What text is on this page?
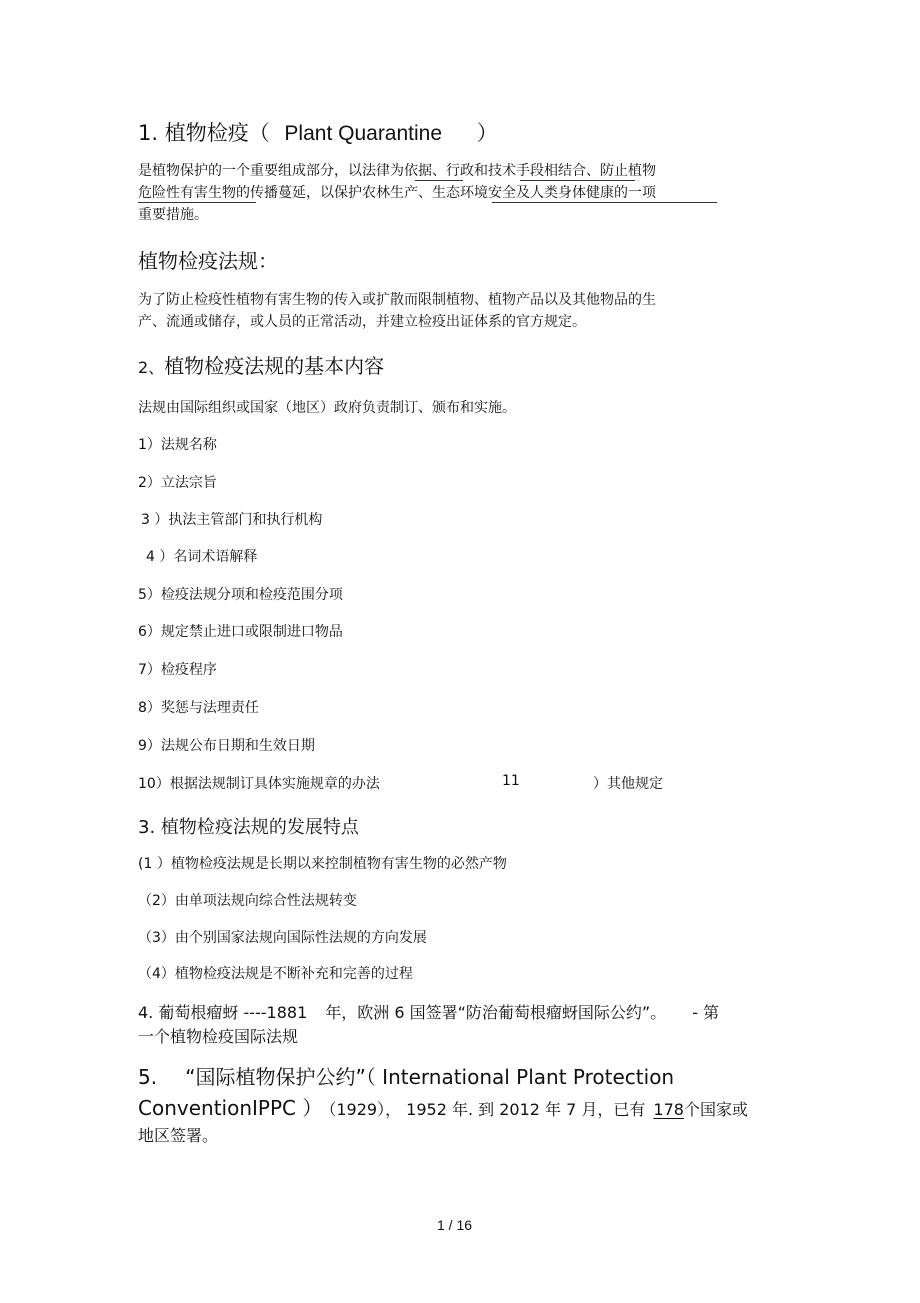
1. 植物检疫（ Plant Quarantine ）
是植物保护的一个重要组成部分，以法律为依据、行政和技术手段相结合、防止植物
危险性有害生物的传播蔓延，以保护农林生产、生态环境安全及人类身体健康的一项
重要措施。
植物检疫法规：
为了防止检疫性植物有害生物的传入或扩散而限制植物、植物产品以及其他物品的生
产、流通或储存，或人员的正常活动，并建立检疫出证体系的官方规定。
2、植物检疫法规的基本内容
法规由国际组织或国家（地区）政府负责制订、颁布和实施。
1）法规名称
2）立法宗旨
3 ）执法主管部门和执行机构
4 ）名词术语解释
5）检疫法规分项和检疫范围分项
6）规定禁止进口或限制进口物品
7）检疫程序
8）奖惩与法理责任
9）法规公布日期和生效日期
10）根据法规制订具体实施规章的办法	11	）其他规定
3. 植物检疫法规的发展特点
(1 ）植物检疫法规是长期以来控制植物有害生物的必然产物
（2）由单项法规向综合性法规转变
（3）由个别国家法规向国际性法规的方向发展
（4）植物检疫法规是不断补充和完善的过程
4. 葡萄根瘤蚜 ----1881 年，欧洲 6 国签署“防治葡萄根瘤蚜国际公约”。 - 第
一个植物检疫国际法规
5. “国际植物保护公约”（ International Plant Protection
ConventionIPPC ） （1929）， 1952 年. 到 2012 年 7 月，已有 178个国家或
地区签署。
1 / 16
